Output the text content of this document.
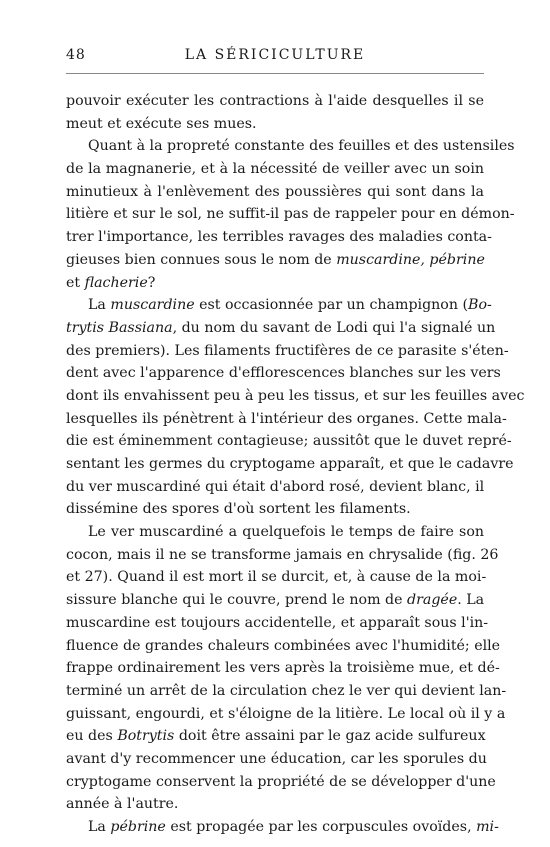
48	LA SÉRICICULTURE
pouvoir exécuter les contractions à l'aide desquelles il se
meut et exécute ses mues.
Quant à la propreté constante des feuilles et des ustensiles
de la magnanerie, et à la nécessité de veiller avec un soin
minutieux à l'enlèvement des poussières qui sont dans la
litière et sur le sol, ne suffit-il pas de rappeler pour en démon-
trer l'importance, les terribles ravages des maladies conta-
gieuses bien connues sous le nom de muscardine, pébrine
et flacherie?
La muscardine est occasionnée par un champignon (Bo-
trytis Bassiana, du nom du savant de Lodi qui l'a signalé un
des premiers). Les filaments fructifères de ce parasite s'éten-
dent avec l'apparence d'efflorescences blanches sur les vers
dont ils envahissent peu à peu les tissus, et sur les feuilles avec
lesquelles ils pénètrent à l'intérieur des organes. Cette mala-
die est éminemment contagieuse; aussitôt que le duvet repré-
sentant les germes du cryptogame apparaît, et que le cadavre
du ver muscardiné qui était d'abord rosé, devient blanc, il
dissémine des spores d'où sortent les filaments.
Le ver muscardiné a quelquefois le temps de faire son
cocon, mais il ne se transforme jamais en chrysalide (fig. 26
et 27). Quand il est mort il se durcit, et, à cause de la moi-
sissure blanche qui le couvre, prend le nom de dragée. La
muscardine est toujours accidentelle, et apparaît sous l'in-
fluence de grandes chaleurs combinées avec l'humidité; elle
frappe ordinairement les vers après la troisième mue, et dé-
terminé un arrêt de la circulation chez le ver qui devient lan-
guissant, engourdi, et s'éloigne de la litière. Le local où il y a
eu des Botrytis doit être assaini par le gaz acide sulfureux
avant d'y recommencer une éducation, car les sporules du
cryptogame conservent la propriété de se développer d'une
année à l'autre.
La pébrine est propagée par les corpuscules ovoïdes, mi-
